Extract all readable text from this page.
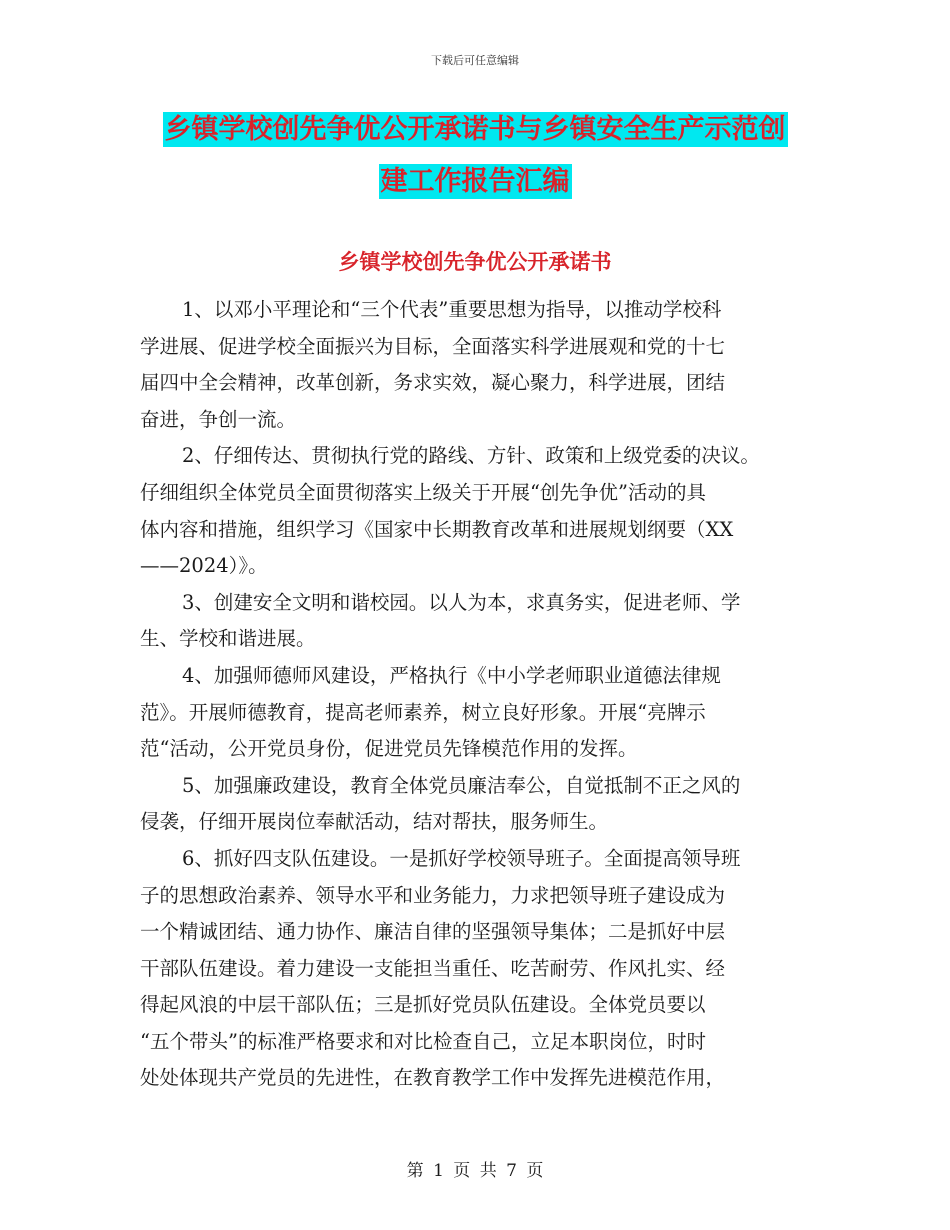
下载后可任意编辑
乡镇学校创先争优公开承诺书与乡镇安全生产示范创
建工作报告汇编
乡镇学校创先争优公开承诺书
1、以邓小平理论和“三个代表”重要思想为指导，以推动学校科
学进展、促进学校全面振兴为目标，全面落实科学进展观和党的十七
届四中全会精神，改革创新，务求实效，凝心聚力，科学进展，团结
奋进，争创一流。
2、仔细传达、贯彻执行党的路线、方针、政策和上级党委的决议。
仔细组织全体党员全面贯彻落实上级关于开展“创先争优”活动的具
体内容和措施，组织学习《国家中长期教育改革和进展规划纲要（XX
——2024）》。
3、创建安全文明和谐校园。以人为本，求真务实，促进老师、学
生、学校和谐进展。
4、加强师德师风建设，严格执行《中小学老师职业道德法律规
范》。开展师德教育，提高老师素养，树立良好形象。开展“亮牌示
范“活动，公开党员身份，促进党员先锋模范作用的发挥。
5、加强廉政建设，教育全体党员廉洁奉公，自觉抵制不正之风的
侵袭，仔细开展岗位奉献活动，结对帮扶，服务师生。
6、抓好四支队伍建设。一是抓好学校领导班子。全面提高领导班
子的思想政治素养、领导水平和业务能力，力求把领导班子建设成为
一个精诚团结、通力协作、廉洁自律的坚强领导集体；二是抓好中层
干部队伍建设。着力建设一支能担当重任、吃苦耐劳、作风扎实、经
得起风浪的中层干部队伍；三是抓好党员队伍建设。全体党员要以
“五个带头”的标准严格要求和对比检查自己，立足本职岗位，时时
处处体现共产党员的先进性，在教育教学工作中发挥先进模范作用，
第 1 页 共 7 页
